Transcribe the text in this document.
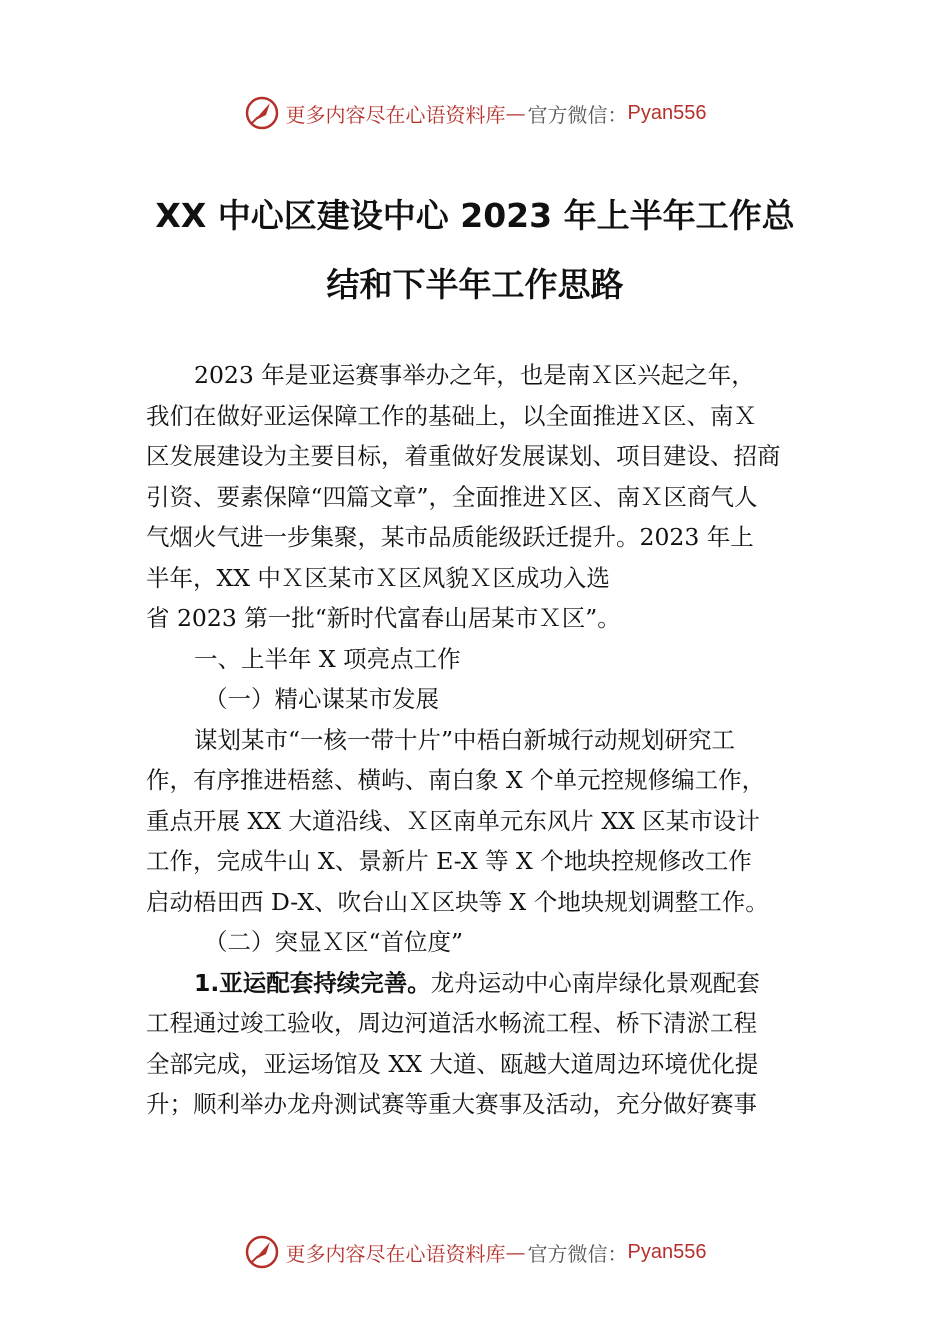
更多内容尽在心语资料库 — 官方微信： Pyan556
XX 中心区建设中心 2023 年上半年工作总
结和下半年工作思路
2023 年是亚运赛事举办之年，也是南Ｘ区兴起之年，
我们在做好亚运保障工作的基础上，以全面推进Ｘ区、南Ｘ
区发展建设为主要目标，着重做好发展谋划、项目建设、招商
引资、要素保障“四篇文章”，全面推进Ｘ区、南Ｘ区商气人
气烟火气进一步集聚，某市品质能级跃迁提升。2023 年上
半年，XX 中Ｘ区某市Ｘ区风貌Ｘ区成功入选
省 2023 第一批“新时代富春山居某市Ｘ区”。
一、上半年 X 项亮点工作
（一）精心谋某市发展
谋划某市“一核一带十片”中梧白新城行动规划研究工
作，有序推进梧慈、横屿、南白象 X 个单元控规修编工作，
重点开展 XX 大道沿线、Ｘ区南单元东风片 XX 区某市设计
工作，完成牛山 X、景新片 E-X 等 X 个地块控规修改工作
启动梧田西 D-X、吹台山Ｘ区块等 X 个地块规划调整工作。
（二）突显Ｘ区“首位度”
1.亚运配套持续完善。龙舟运动中心南岸绿化景观配套
工程通过竣工验收，周边河道活水畅流工程、桥下清淤工程
全部完成，亚运场馆及 XX 大道、瓯越大道周边环境优化提
升；顺利举办龙舟测试赛等重大赛事及活动，充分做好赛事
更多内容尽在心语资料库 — 官方微信： Pyan556
